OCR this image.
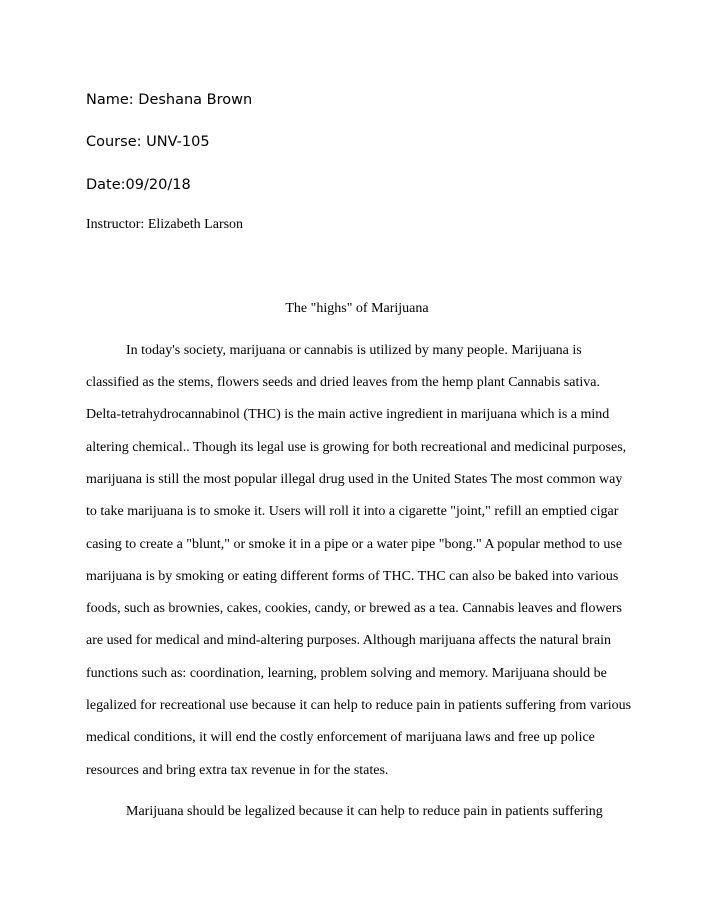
Name: Deshana Brown
Course: UNV-105
Date:09/20/18
Instructor: Elizabeth Larson
The "highs" of Marijuana
In today's society, marijuana or cannabis is utilized by many people. Marijuana is
classified as the stems, flowers seeds and dried leaves from the hemp plant Cannabis sativa.
Delta-tetrahydrocannabinol (THC) is the main active ingredient in marijuana which is a mind
altering chemical.. Though its legal use is growing for both recreational and medicinal purposes,
marijuana is still the most popular illegal drug used in the United States The most common way
to take marijuana is to smoke it. Users will roll it into a cigarette "joint," refill an emptied cigar
casing to create a "blunt," or smoke it in a pipe or a water pipe "bong." A popular method to use
marijuana is by smoking or eating different forms of THC. THC can also be baked into various
foods, such as brownies, cakes, cookies, candy, or brewed as a tea. Cannabis leaves and flowers
are used for medical and mind-altering purposes. Although marijuana affects the natural brain
functions such as: coordination, learning, problem solving and memory. Marijuana should be
legalized for recreational use because it can help to reduce pain in patients suffering from various
medical conditions, it will end the costly enforcement of marijuana laws and free up police
resources and bring extra tax revenue in for the states.
Marijuana should be legalized because it can help to reduce pain in patients suffering
